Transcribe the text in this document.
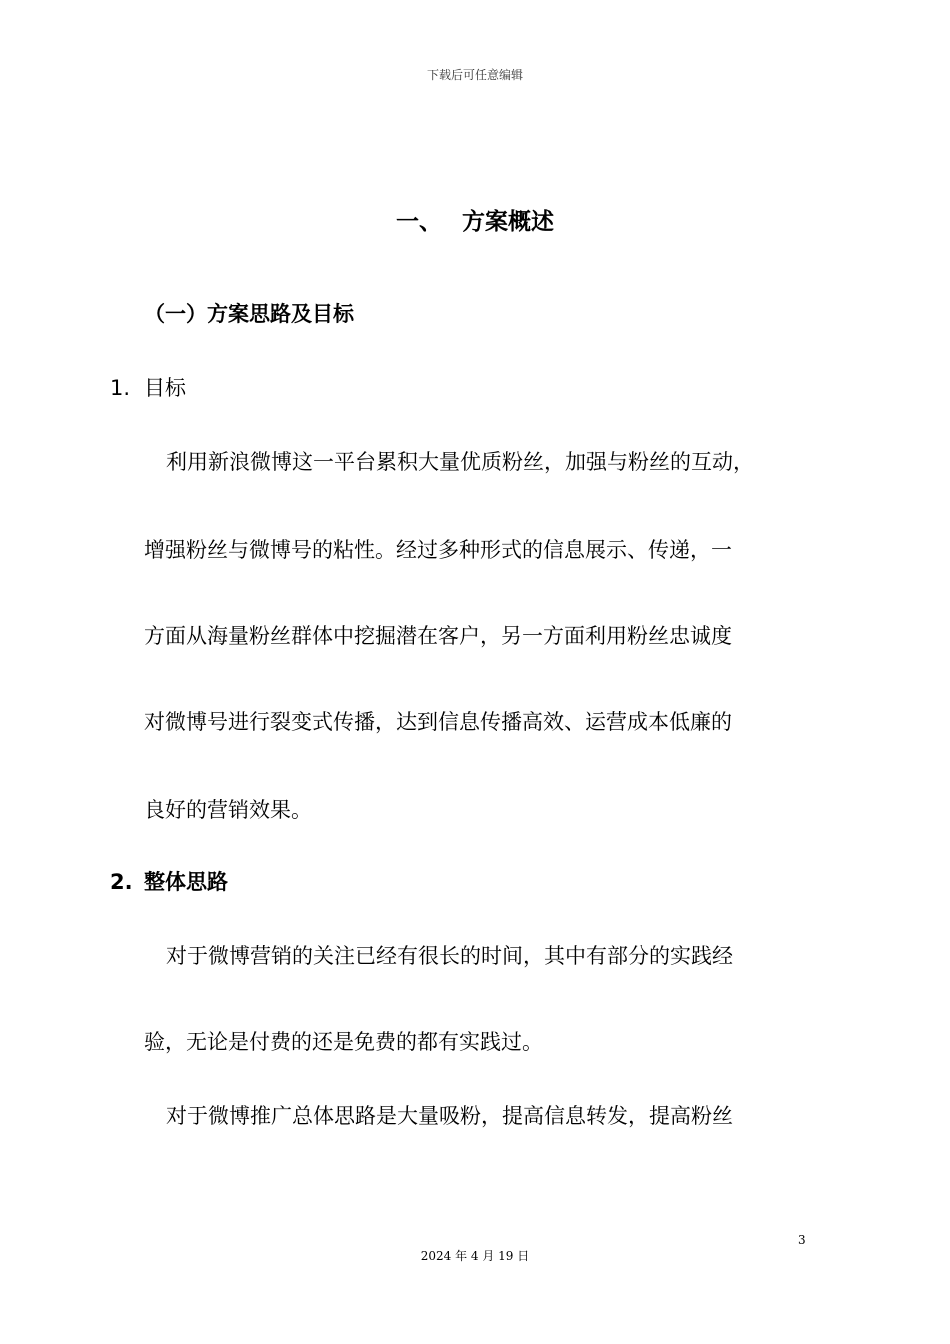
下载后可任意编辑
一、 方案概述
（一）方案思路及目标
1. 目标
利用新浪微博这一平台累积大量优质粉丝，加强与粉丝的互动，
增强粉丝与微博号的粘性。经过多种形式的信息展示、传递，一
方面从海量粉丝群体中挖掘潜在客户，另一方面利用粉丝忠诚度
对微博号进行裂变式传播，达到信息传播高效、运营成本低廉的
良好的营销效果。
2. 整体思路
对于微博营销的关注已经有很长的时间，其中有部分的实践经
验，无论是付费的还是免费的都有实践过。
对于微博推广总体思路是大量吸粉，提高信息转发，提高粉丝
3
2024 年 4 月 19 日
